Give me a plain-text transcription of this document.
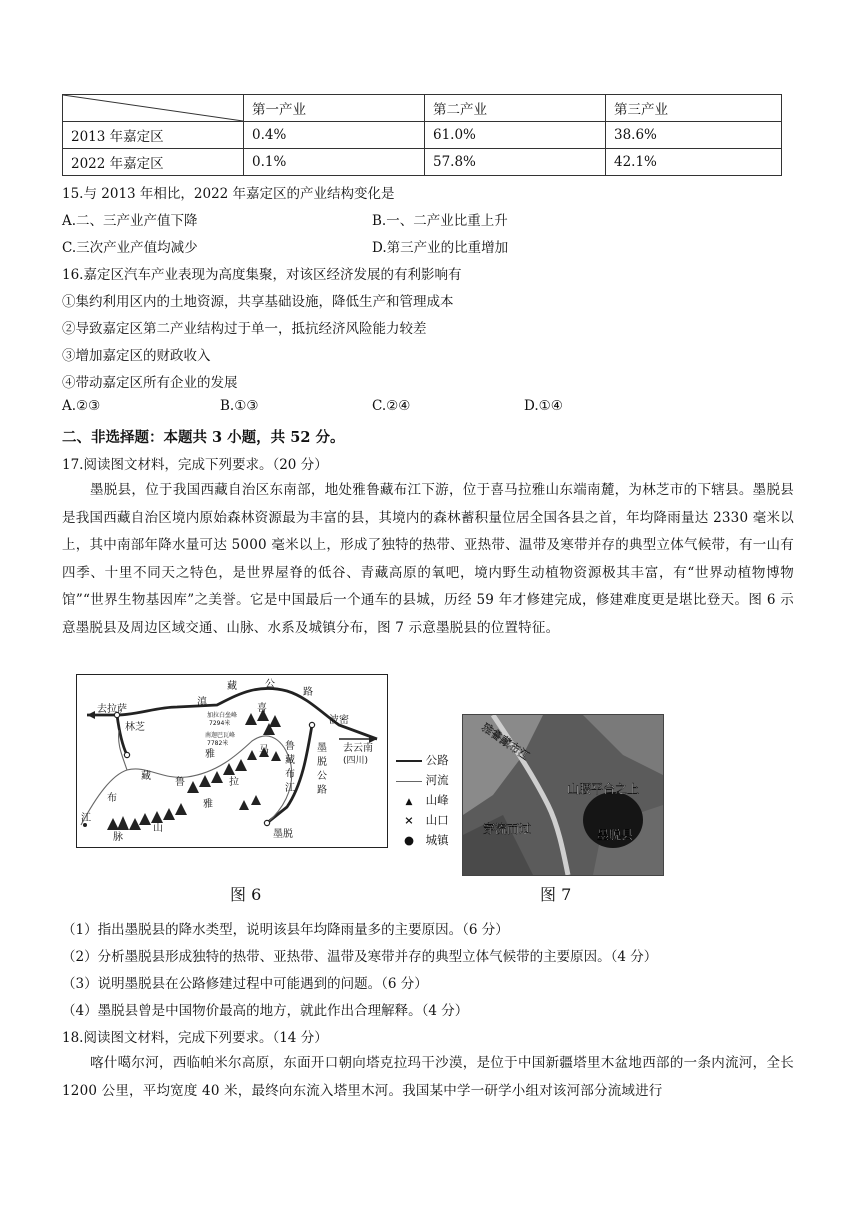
	第一产业	第二产业	第三产业
2013 年嘉定区	0.4%	61.0%	38.6%
2022 年嘉定区	0.1%	57.8%	42.1%
15.与 2013 年相比，2022 年嘉定区的产业结构变化是
A.二、三产业产值下降	B.一、二产业比重上升
C.三次产业产值均减少	D.第三产业的比重增加
16.嘉定区汽车产业表现为高度集聚，对该区经济发展的有利影响有
①集约利用区内的土地资源，共享基础设施，降低生产和管理成本
②导致嘉定区第二产业结构过于单一，抵抗经济风险能力较差
③增加嘉定区的财政收入
④带动嘉定区所有企业的发展
A.②③	B.①③	C.②④	D.①④
二、非选择题：本题共 3 小题，共 52 分。
17.阅读图文材料，完成下列要求。（20 分）
墨脱县，位于我国西藏自治区东南部，地处雅鲁藏布江下游，位于喜马拉雅山东端南麓，为林芝市的下辖县。墨脱县是我国西藏自治区境内原始森林资源最为丰富的县，其境内的森林蓄积量位居全国各县之首，年均降雨量达 2330 毫米以上，其中南部年降水量可达 5000 毫米以上，形成了独特的热带、亚热带、温带及寒带并存的典型立体气候带，有一山有四季、十里不同天之特色，是世界屋脊的低谷、青藏高原的氧吧，境内野生动植物资源极其丰富，有“世界动植物博物馆”“世界生物基因库”之美誉。它是中国最后一个通车的县城，历经 59 年才修建完成，修建难度更是堪比登天。图 6 示意墨脱县及周边区域交通、山脉、水系及城镇分布，图 7 示意墨脱县的位置特征。
去拉萨
林芝
波密
墨脱
去云南
(四川)
加拉白垒峰
7294米
南迦巴瓦峰
7782米
滇
藏	公
路
雅
鲁
藏
布
江
喜
马
拉
雅
山
脉
藏
鲁
布
江
墨
脱
公
路
公路
河流
▲ 山峰
× 山口
● 城镇
雅鲁藏布江
山腰平台之上
穿流而过	墨脱县
图 6	图 7
（1）指出墨脱县的降水类型，说明该县年均降雨量多的主要原因。（6 分）
（2）分析墨脱县形成独特的热带、亚热带、温带及寒带并存的典型立体气候带的主要原因。（4 分）
（3）说明墨脱县在公路修建过程中可能遇到的问题。（6 分）
（4）墨脱县曾是中国物价最高的地方，就此作出合理解释。（4 分）
18.阅读图文材料，完成下列要求。（14 分）
喀什噶尔河，西临帕米尔高原，东面开口朝向塔克拉玛干沙漠，是位于中国新疆塔里木盆地西部的一条内流河，全长 1200 公里，平均宽度 40 米，最终向东流入塔里木河。我国某中学一研学小组对该河部分流域进行
